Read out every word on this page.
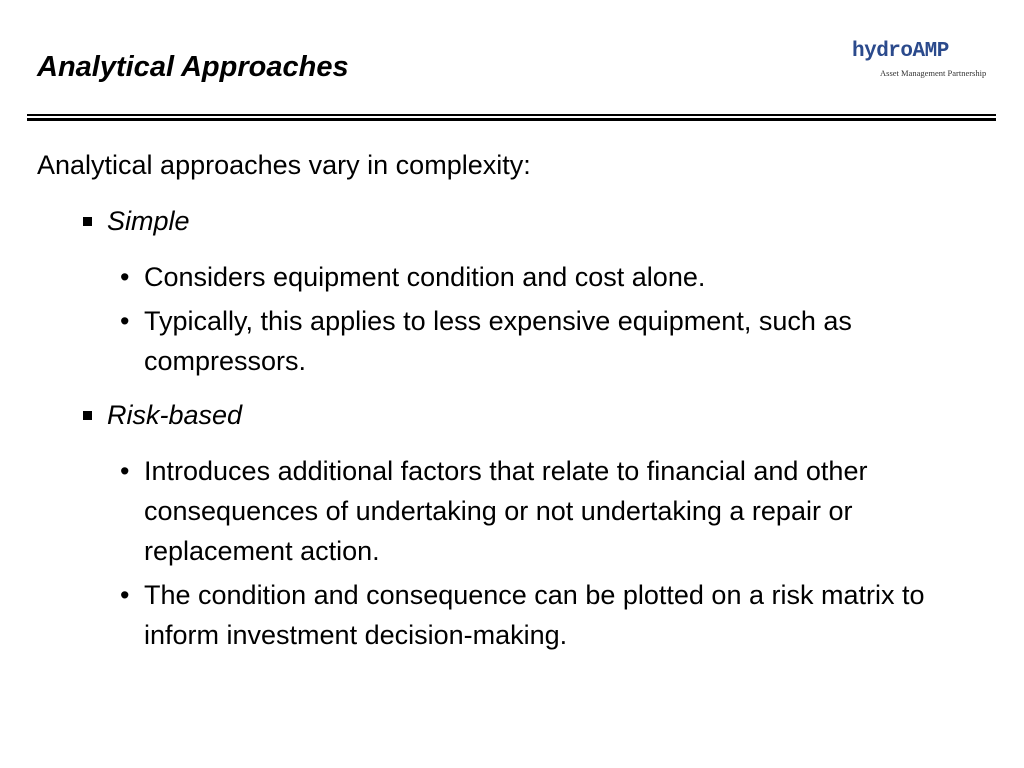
Analytical Approaches	hydroAMP
Asset Management Partnership

Analytical approaches vary in complexity:

Simple
• Considers equipment condition and cost alone.
• Typically, this applies to less expensive equipment, such as compressors.
Risk-based
• Introduces additional factors that relate to financial and other consequences of undertaking or not undertaking a repair or replacement action.
• The condition and consequence can be plotted on a risk matrix to inform investment decision-making.
